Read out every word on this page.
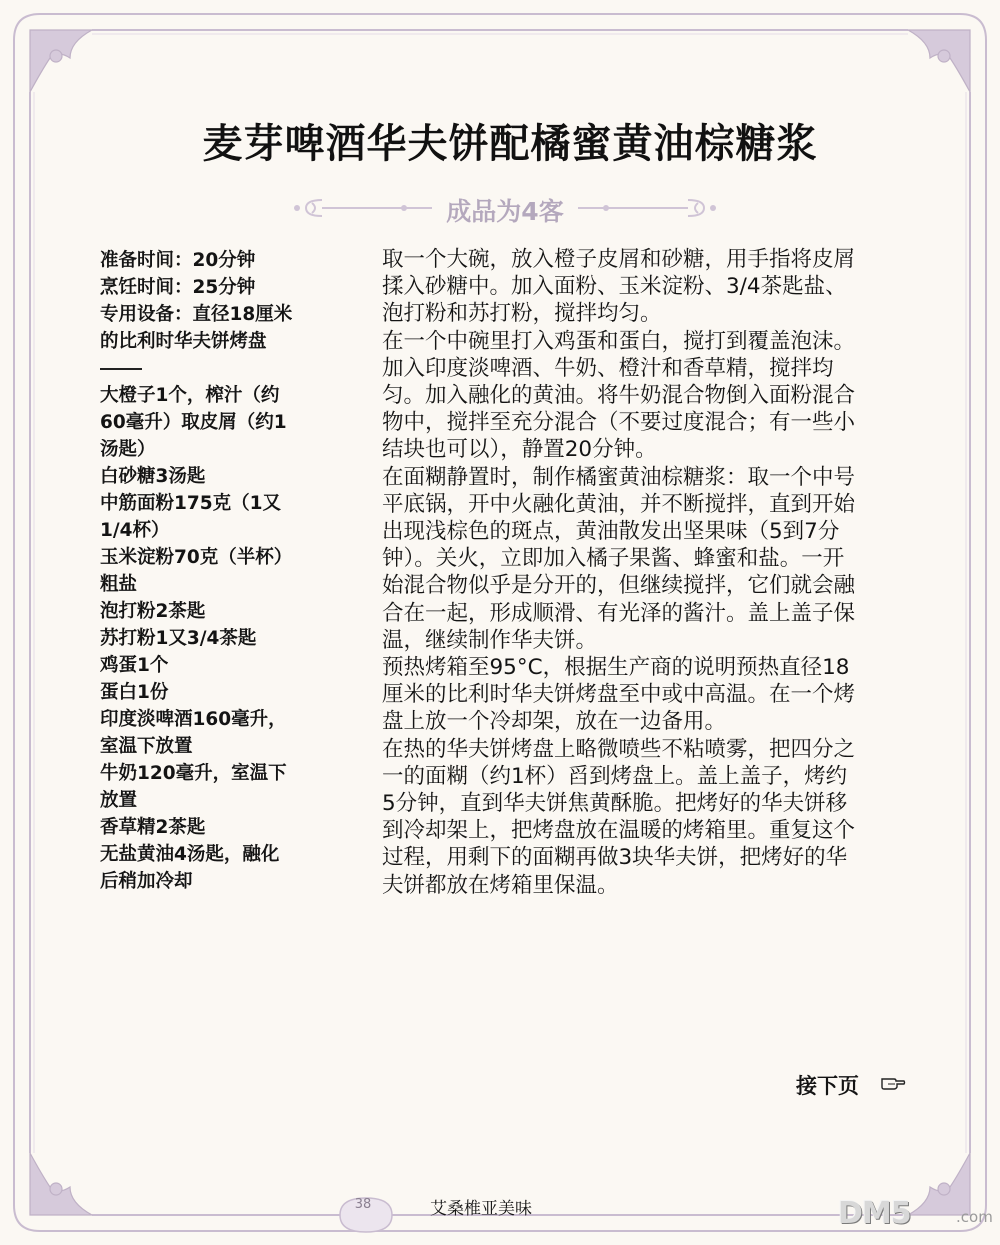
麦芽啤酒华夫饼配橘蜜黄油棕糖浆
成品为4客
准备时间：20分钟
烹饪时间：25分钟
专用设备：直径18厘米
的比利时华夫饼烤盘
大橙子1个，榨汁（约
60毫升）取皮屑（约1
汤匙）
白砂糖3汤匙
中筋面粉175克（1又
1/4杯）
玉米淀粉70克（半杯）
粗盐
泡打粉2茶匙
苏打粉1又3/4茶匙
鸡蛋1个
蛋白1份
印度淡啤酒160毫升，
室温下放置
牛奶120毫升，室温下
放置
香草精2茶匙
无盐黄油4汤匙，融化
后稍加冷却
取一个大碗，放入橙子皮屑和砂糖，用手指将皮屑
揉入砂糖中。加入面粉、玉米淀粉、3/4茶匙盐、
泡打粉和苏打粉，搅拌均匀。
在一个中碗里打入鸡蛋和蛋白，搅打到覆盖泡沫。
加入印度淡啤酒、牛奶、橙汁和香草精，搅拌均
匀。加入融化的黄油。将牛奶混合物倒入面粉混合
物中，搅拌至充分混合（不要过度混合；有一些小
结块也可以），静置20分钟。
在面糊静置时，制作橘蜜黄油棕糖浆：取一个中号
平底锅，开中火融化黄油，并不断搅拌，直到开始
出现浅棕色的斑点，黄油散发出坚果味（5到7分
钟）。关火，立即加入橘子果酱、蜂蜜和盐。一开
始混合物似乎是分开的，但继续搅拌，它们就会融
合在一起，形成顺滑、有光泽的酱汁。盖上盖子保
温，继续制作华夫饼。
预热烤箱至95°C，根据生产商的说明预热直径18
厘米的比利时华夫饼烤盘至中或中高温。在一个烤
盘上放一个冷却架，放在一边备用。
在热的华夫饼烤盘上略微喷些不粘喷雾，把四分之
一的面糊（约1杯）舀到烤盘上。盖上盖子，烤约
5分钟，直到华夫饼焦黄酥脆。把烤好的华夫饼移
到冷却架上，把烤盘放在温暖的烤箱里。重复这个
过程，用剩下的面糊再做3块华夫饼，把烤好的华
夫饼都放在烤箱里保温。
接下页
38	艾桑椎亚美味	DM5	.com
